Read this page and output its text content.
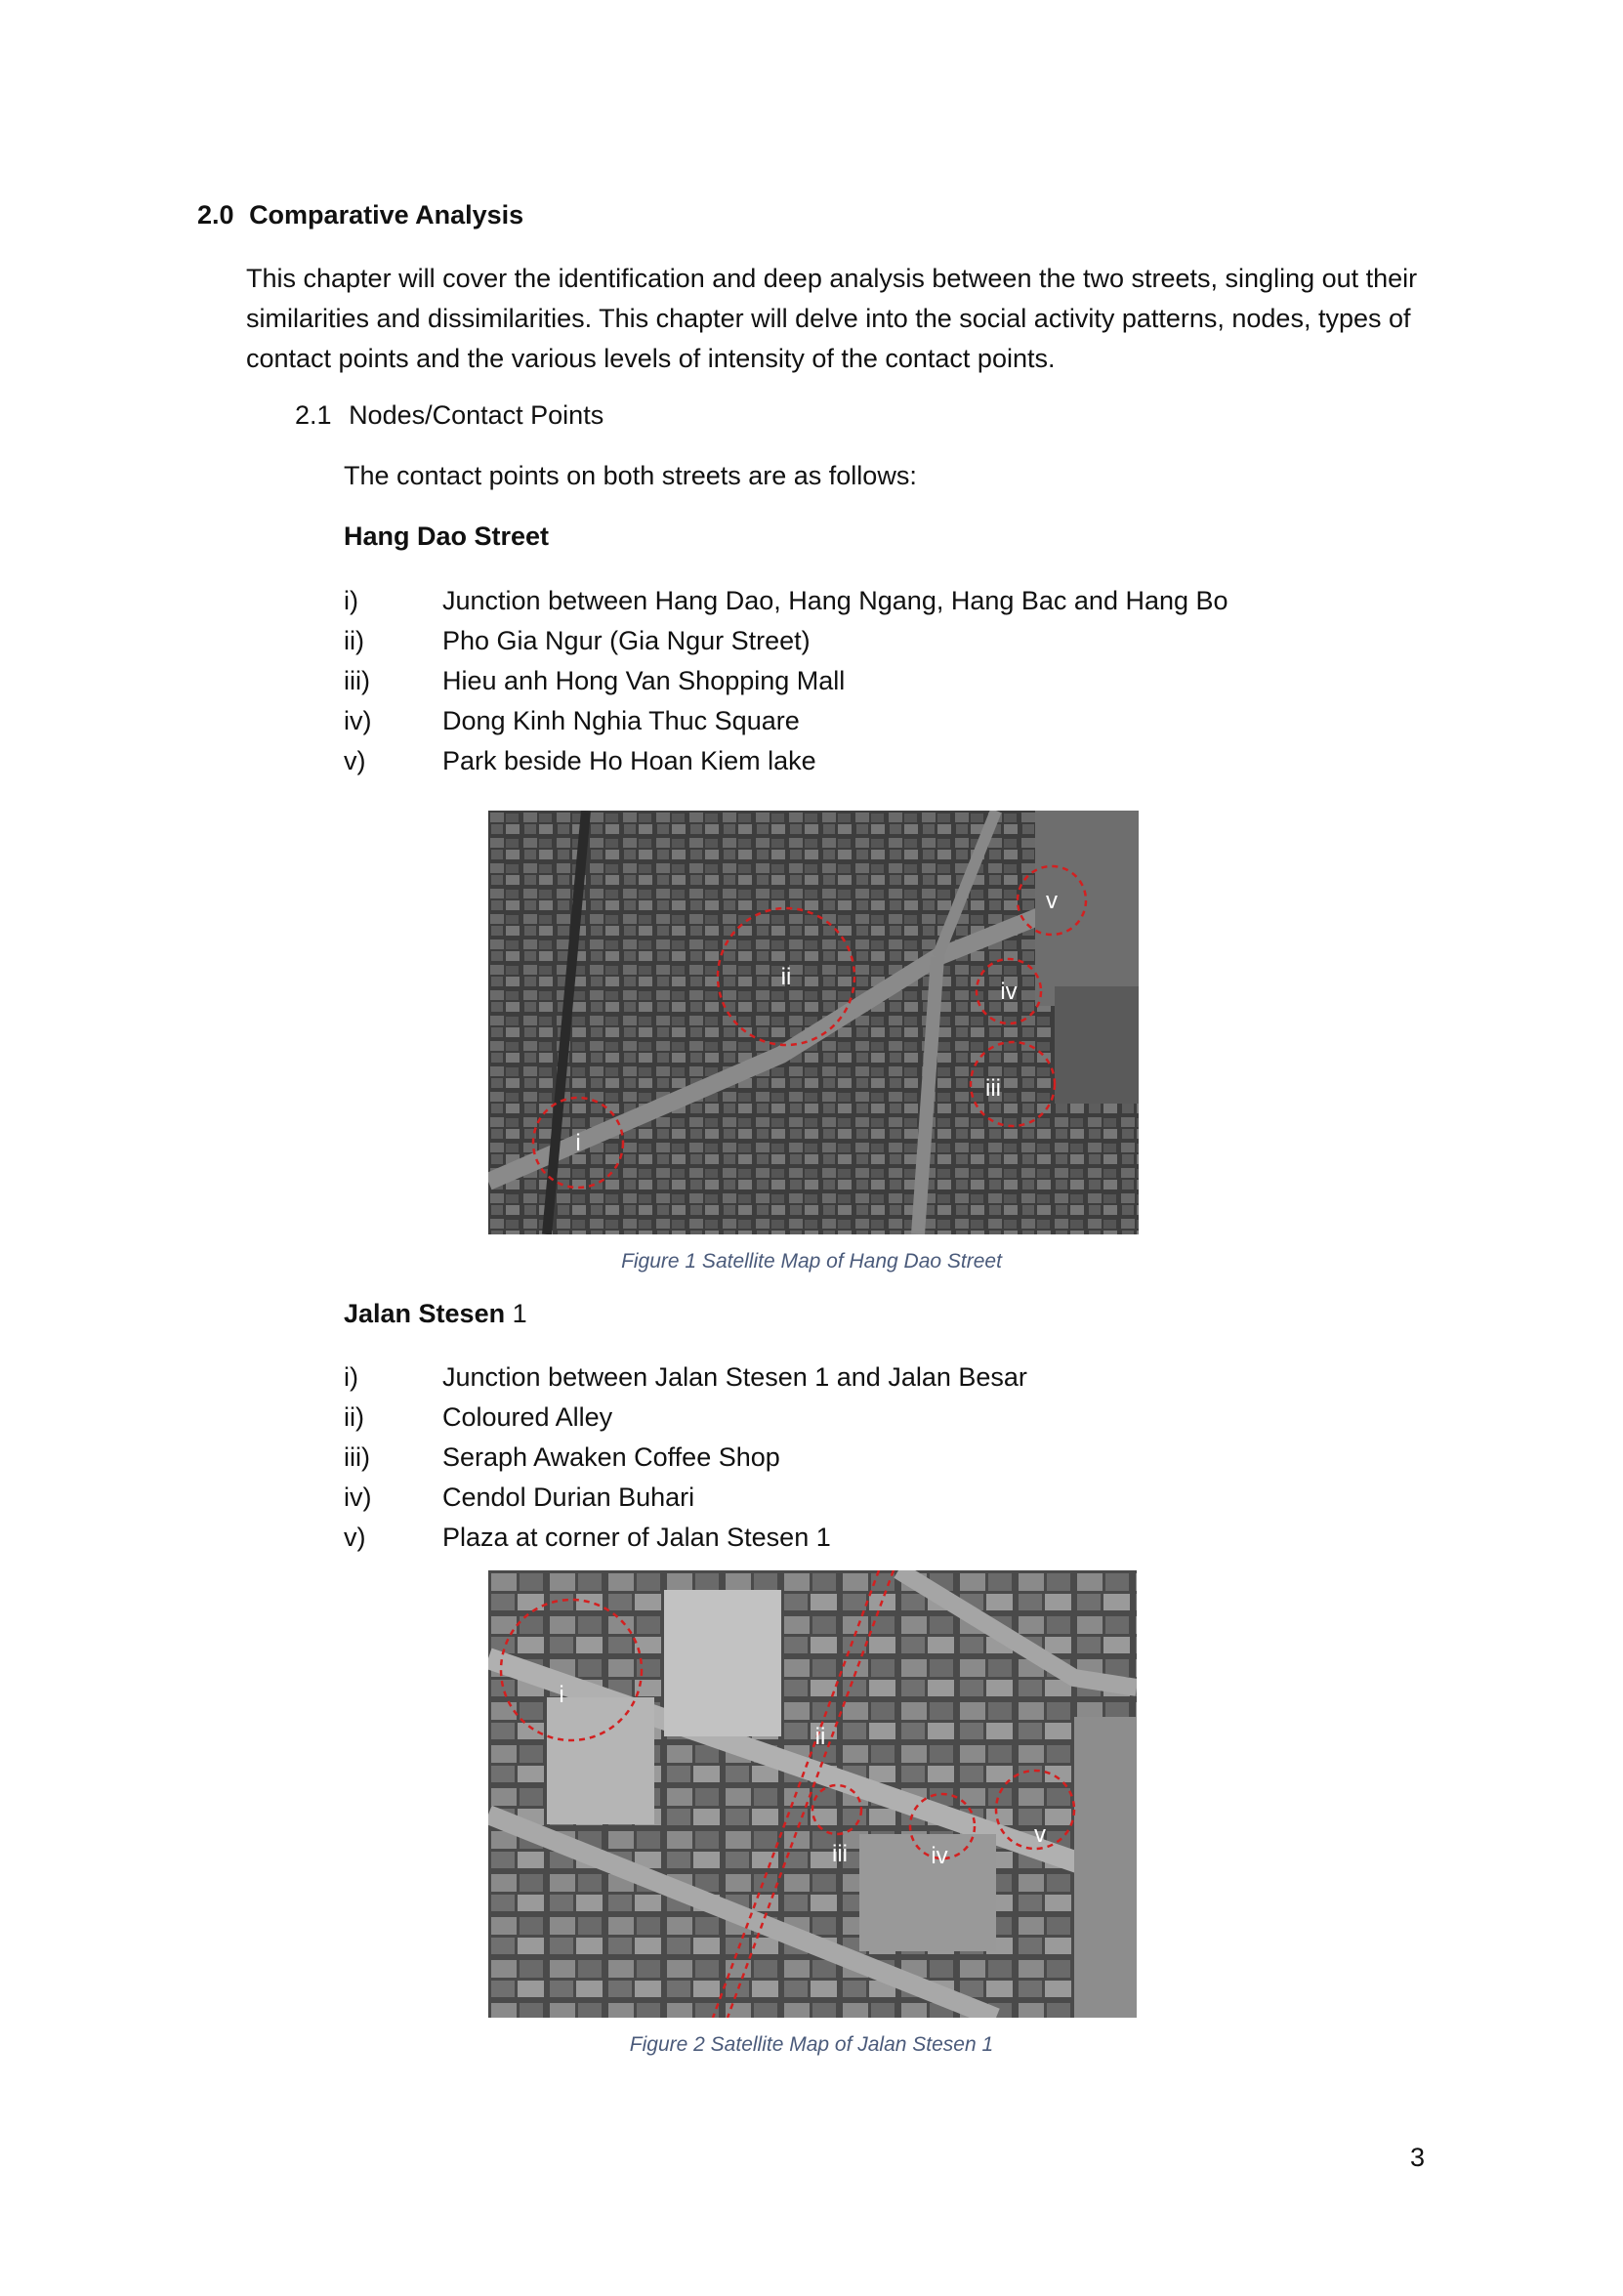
2.0 Comparative Analysis
This chapter will cover the identification and deep analysis between the two streets, singling out their similarities and dissimilarities. This chapter will delve into the social activity patterns, nodes, types of contact points and the various levels of intensity of the contact points.
2.1 Nodes/Contact Points
The contact points on both streets are as follows:
Hang Dao Street
i)	Junction between Hang Dao, Hang Ngang, Hang Bac and Hang Bo
ii)	Pho Gia Ngur (Gia Ngur Street)
iii)	Hieu anh Hong Van Shopping Mall
iv)	Dong Kinh Nghia Thuc Square
v)	Park beside Ho Hoan Kiem lake
ii
i
iii
iv
v
Figure 1 Satellite Map of Hang Dao Street
Jalan Stesen 1
i)	Junction between Jalan Stesen 1 and Jalan Besar
ii)	Coloured Alley
iii)	Seraph Awaken Coffee Shop
iv)	Cendol Durian Buhari
v)	Plaza at corner of Jalan Stesen 1
i
ii
iii	iv
v
Figure 2 Satellite Map of Jalan Stesen 1
3
